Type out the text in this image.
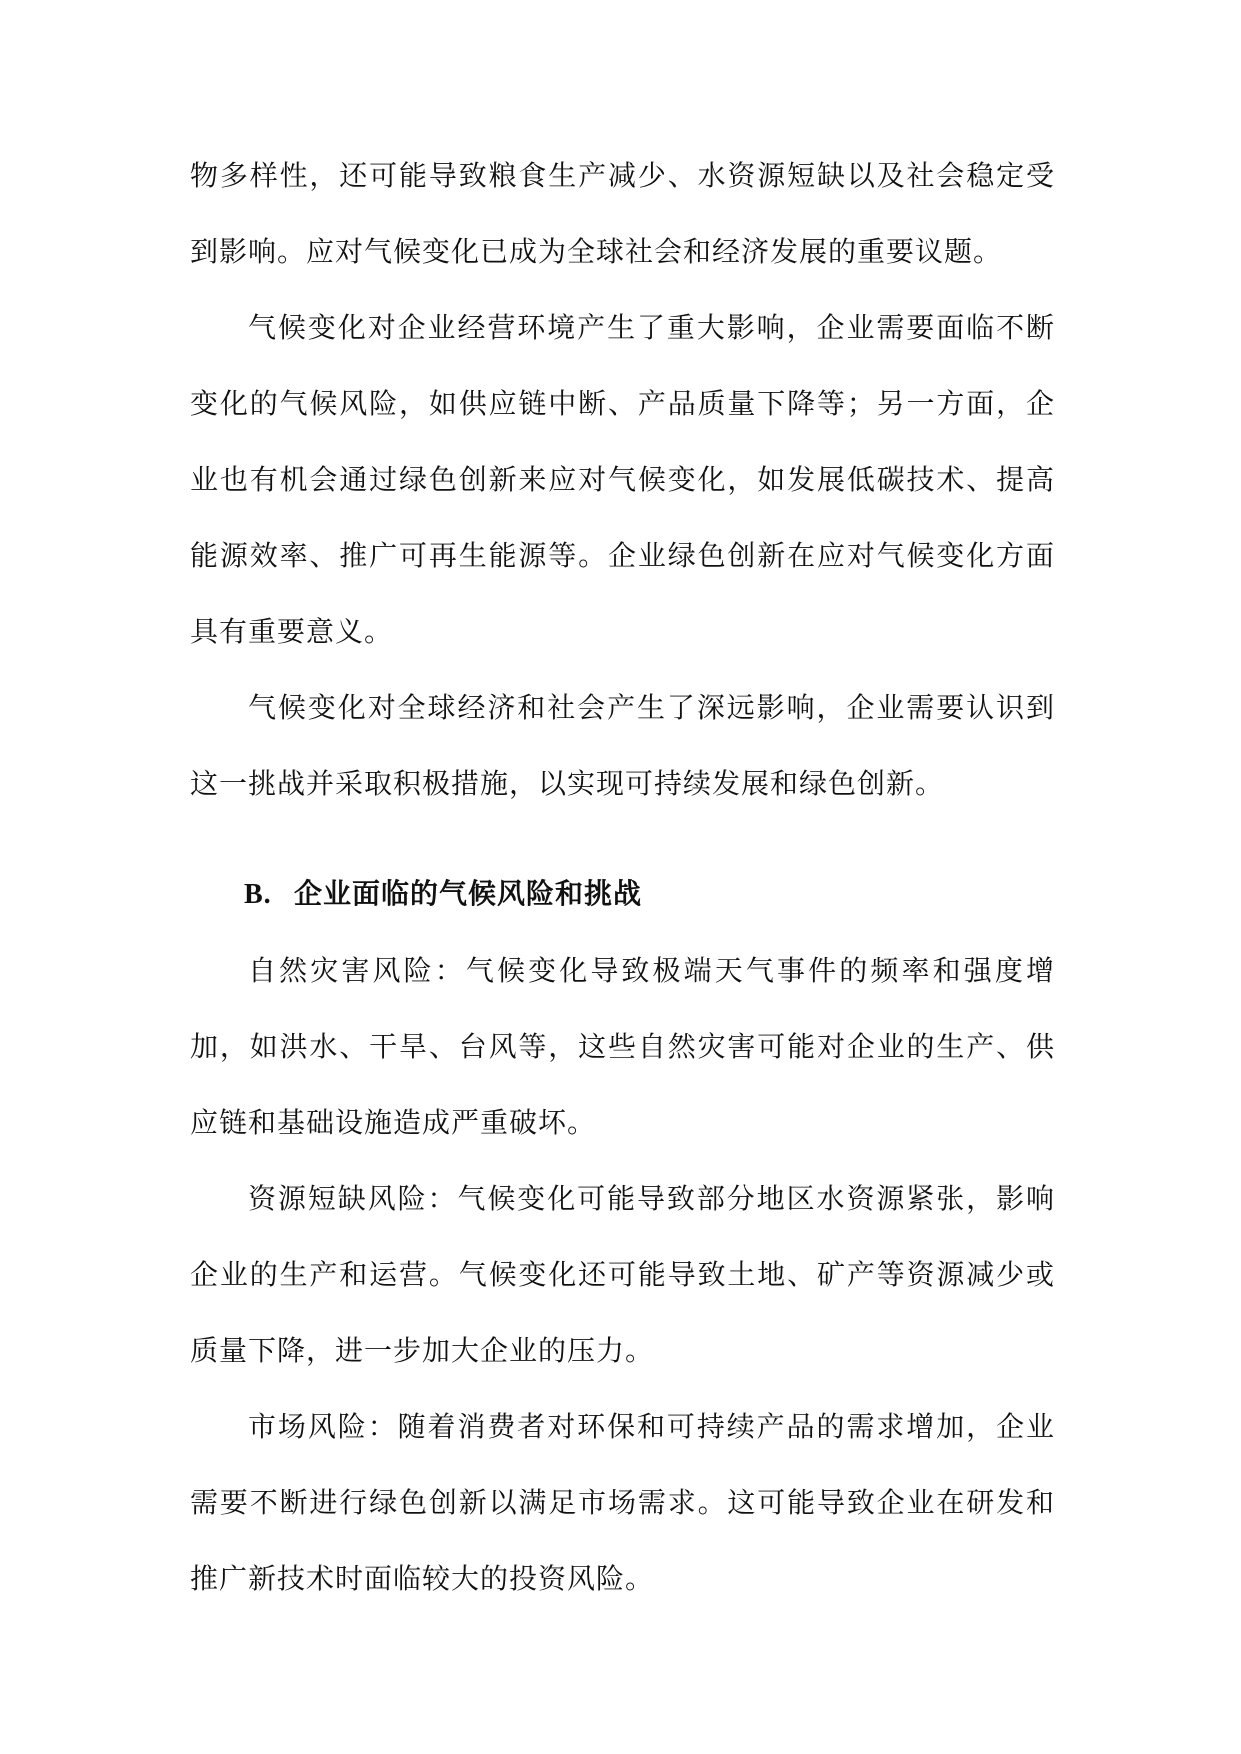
物多样性，还可能导致粮食生产减少、水资源短缺以及社会稳定受到影响。应对气候变化已成为全球社会和经济发展的重要议题。

气候变化对企业经营环境产生了重大影响，企业需要面临不断变化的气候风险，如供应链中断、产品质量下降等；另一方面，企业也有机会通过绿色创新来应对气候变化，如发展低碳技术、提高能源效率、推广可再生能源等。企业绿色创新在应对气候变化方面具有重要意义。

气候变化对全球经济和社会产生了深远影响，企业需要认识到这一挑战并采取积极措施，以实现可持续发展和绿色创新。

B. 企业面临的气候风险和挑战

自然灾害风险：气候变化导致极端天气事件的频率和强度增加，如洪水、干旱、台风等，这些自然灾害可能对企业的生产、供应链和基础设施造成严重破坏。

资源短缺风险：气候变化可能导致部分地区水资源紧张，影响企业的生产和运营。气候变化还可能导致土地、矿产等资源减少或质量下降，进一步加大企业的压力。

市场风险：随着消费者对环保和可持续产品的需求增加，企业需要不断进行绿色创新以满足市场需求。这可能导致企业在研发和推广新技术时面临较大的投资风险。
